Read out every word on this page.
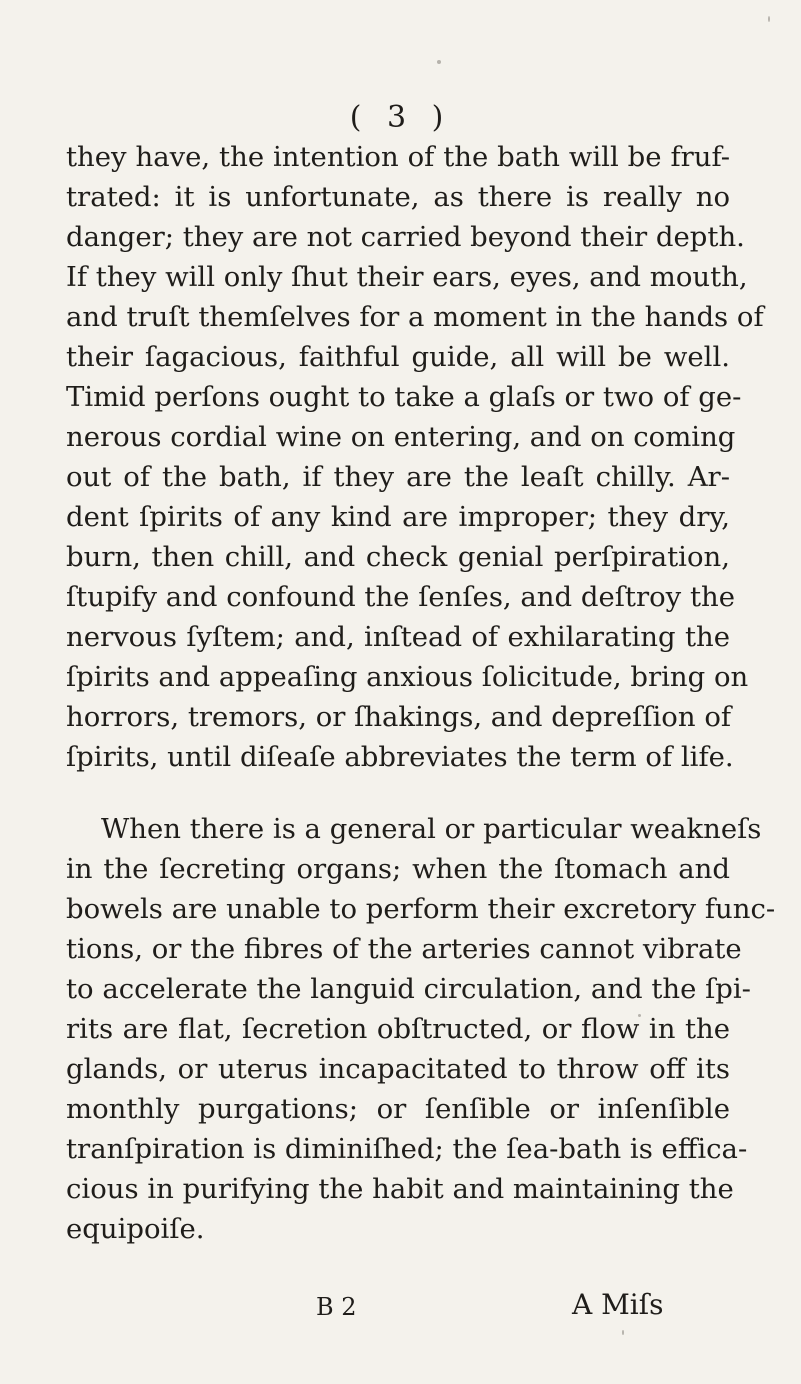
( 3 )
they have, the intention of the bath will be fruf-
trated: it is unfortunate, as there is really no
danger; they are not carried beyond their depth.
If they will only ſhut their ears, eyes, and mouth,
and truſt themſelves for a moment in the hands of
their ſagacious, faithful guide, all will be well.
Timid perſons ought to take a glaſs or two of ge-
nerous cordial wine on entering, and on coming
out of the bath, if they are the leaſt chilly. Ar-
dent ſpirits of any kind are improper; they dry,
burn, then chill, and check genial perſpiration,
ſtupify and confound the ſenſes, and deſtroy the
nervous ſyſtem; and, inſtead of exhilarating the
ſpirits and appeaſing anxious ſolicitude, bring on
horrors, tremors, or ſhakings, and depreſſion of
ſpirits, until diſeaſe abbreviates the term of life.
When there is a general or particular weakneſs
in the ſecreting organs; when the ſtomach and
bowels are unable to perform their excretory func-
tions, or the fibres of the arteries cannot vibrate
to accelerate the languid circulation, and the ſpi-
rits are flat, ſecretion obſtructed, or flow in the
glands, or uterus incapacitated to throw off its
monthly purgations; or ſenſible or inſenſible
tranſpiration is diminiſhed; the ſea-bath is effica-
cious in purifying the habit and maintaining the
equipoiſe.
B 2	A Miſs
